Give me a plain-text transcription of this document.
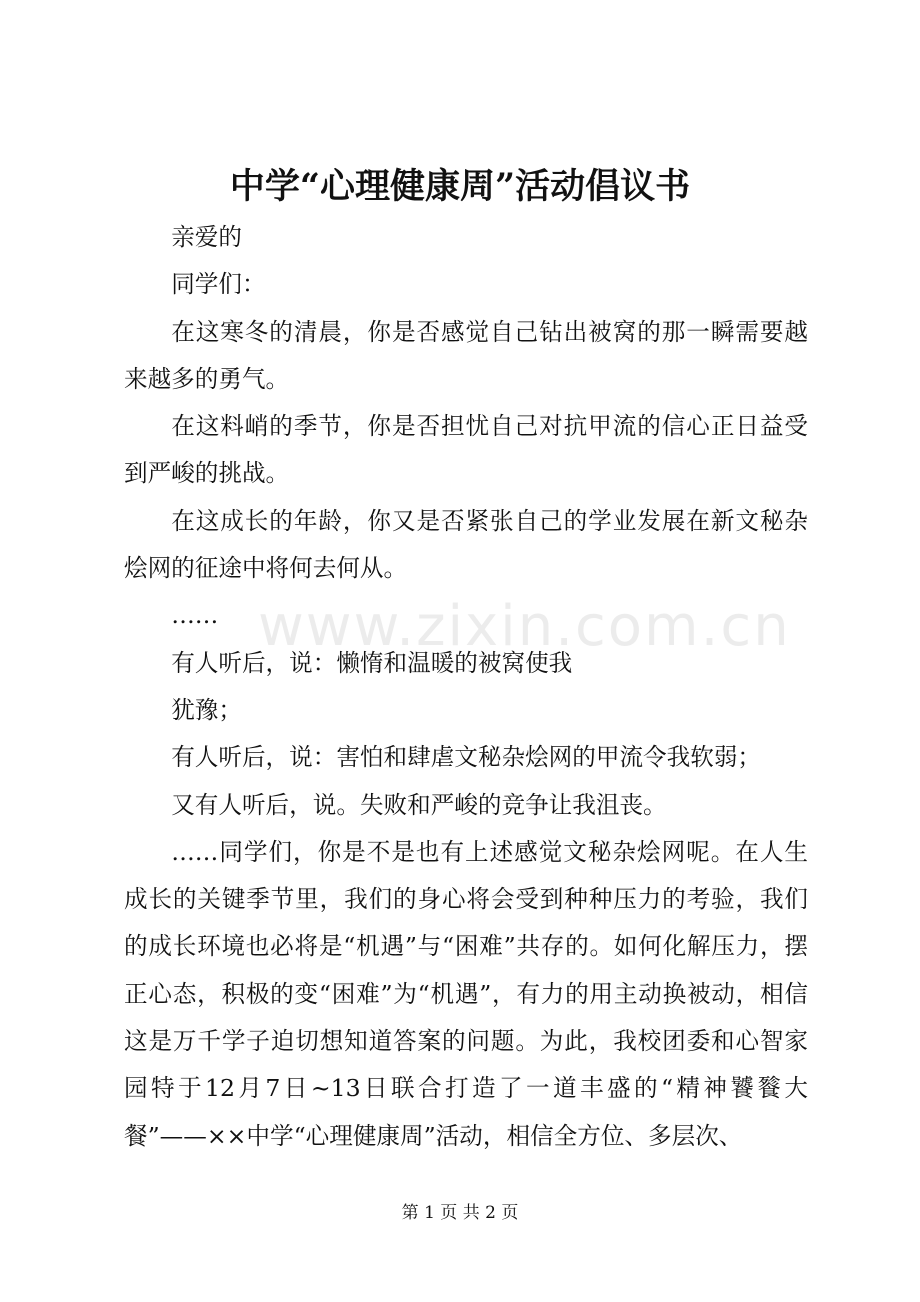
中学“心理健康周”活动倡议书

亲爱的

同学们：

在这寒冬的清晨，你是否感觉自己钻出被窝的那一瞬需要越来越多的勇气。

在这料峭的季节，你是否担忧自己对抗甲流的信心正日益受到严峻的挑战。

在这成长的年龄，你又是否紧张自己的学业发展在新文秘杂烩网的征途中将何去何从。

……

有人听后，说：懒惰和温暖的被窝使我

犹豫；

有人听后，说：害怕和肆虐文秘杂烩网的甲流令我软弱；

又有人听后，说。失败和严峻的竞争让我沮丧。

……同学们，你是不是也有上述感觉文秘杂烩网呢。在人生成长的关键季节里，我们的身心将会受到种种压力的考验，我们的成长环境也必将是“机遇”与“困难”共存的。如何化解压力，摆正心态，积极的变“困难”为“机遇”，有力的用主动换被动，相信这是万千学子迫切想知道答案的问题。为此，我校团委和心智家园特于12月7日~13日联合打造了一道丰盛的“精神饕餮大餐”——××中学“心理健康周”活动，相信全方位、多层次、

www.zixin.com.cn
第 1 页 共 2 页
